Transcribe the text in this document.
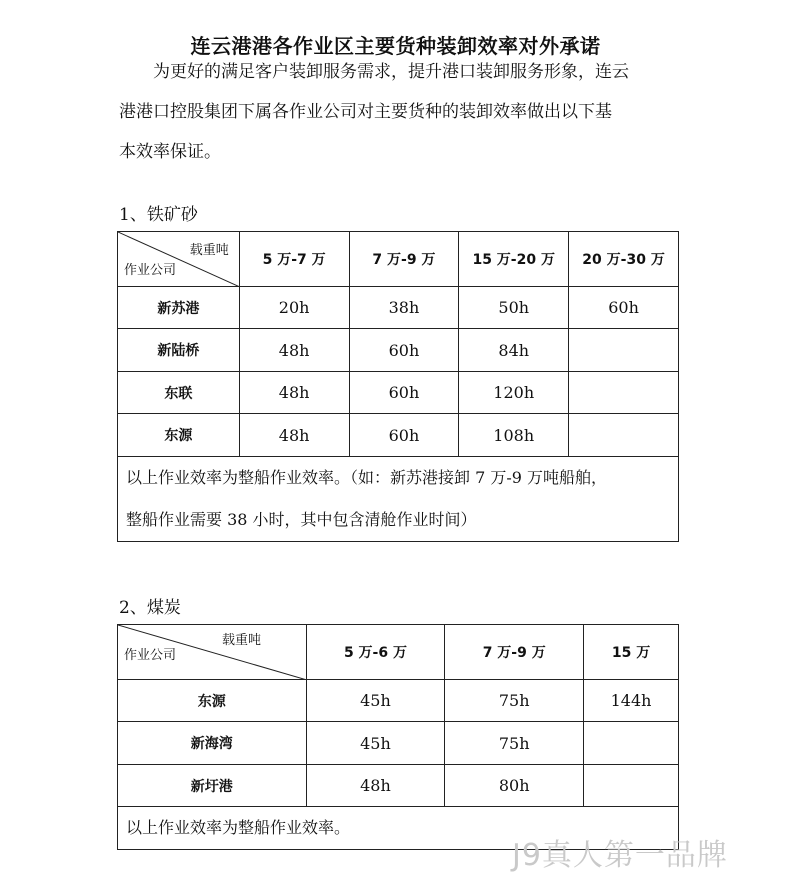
连云港港各作业区主要货种装卸效率对外承诺

为更好的满足客户装卸服务需求，提升港口装卸服务形象，连云
港港口控股集团下属各作业公司对主要货种的装卸效率做出以下基
本效率保证。

1、铁矿砂
载重吨
作业公司	5 万-7 万	7 万-9 万	15 万-20 万	20 万-30 万
新苏港	20h	38h	50h	60h
新陆桥	48h	60h	84h	
东联	48h	60h	120h	
东源	48h	60h	108h	

以上作业效率为整船作业效率。（如：新苏港接卸 7 万-9 万吨船舶，
整船作业需要 38 小时，其中包含清舱作业时间）				
2、煤炭
载重吨
作业公司	5 万-6 万	7 万-9 万	15 万
东源	45h	75h	144h
新海湾	45h	75h	
新圩港	48h	80h	

以上作业效率为整船作业效率。			
J9真人第一品牌
